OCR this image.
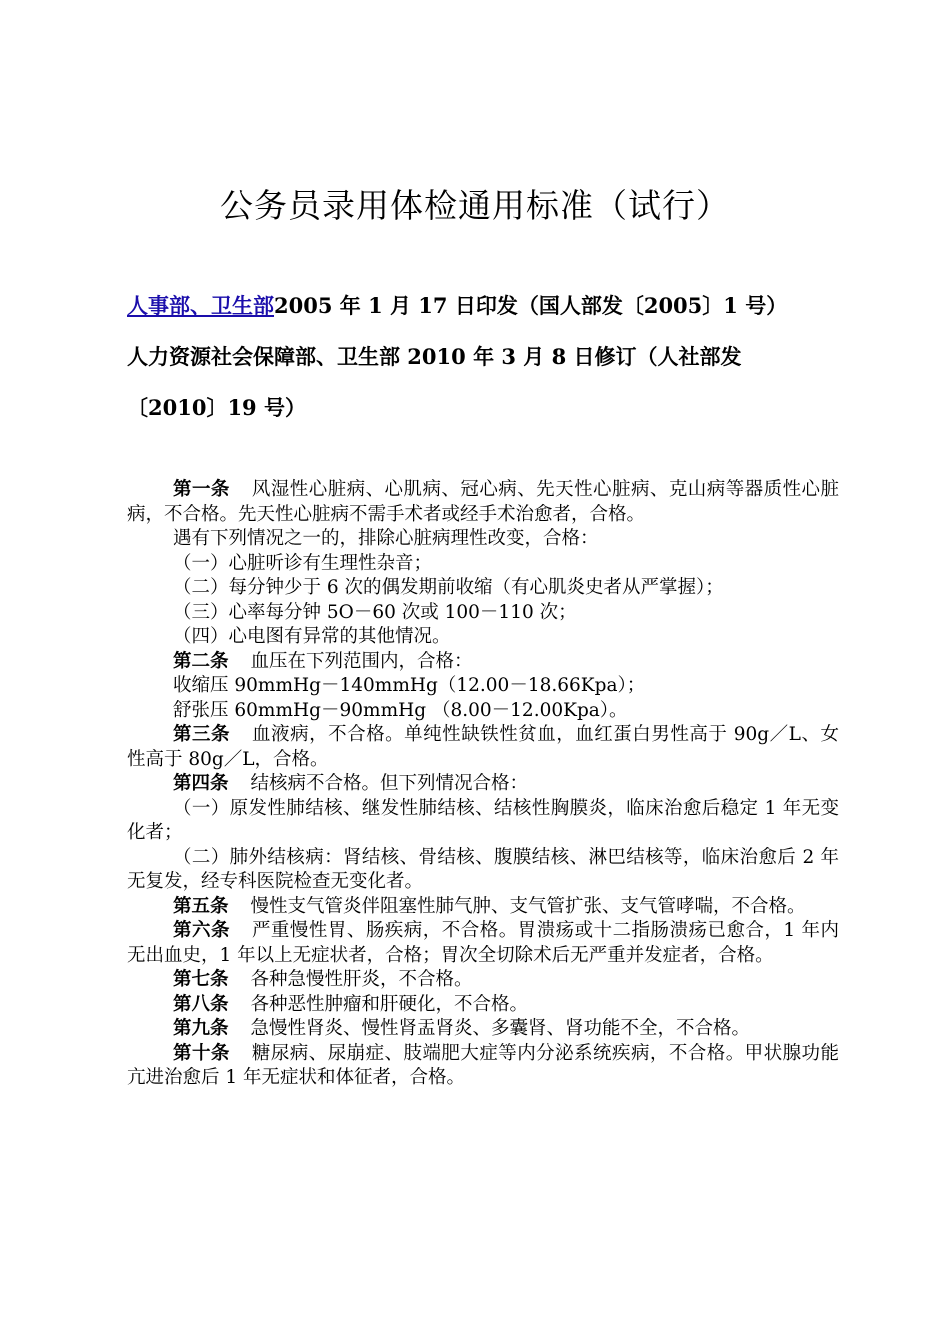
公务员录用体检通用标准（试行）
人事部、卫生部2005 年 1 月 17 日印发（国人部发〔2005〕1 号）
人力资源社会保障部、卫生部 2010 年 3 月 8 日修订（人社部发
〔2010〕19 号）

第一条 风湿性心脏病、心肌病、冠心病、先天性心脏病、克山病等器质性心脏病，不合格。先天性心脏病不需手术者或经手术治愈者，合格。

遇有下列情况之一的，排除心脏病理性改变，合格：

（一）心脏听诊有生理性杂音；

（二）每分钟少于 6 次的偶发期前收缩（有心肌炎史者从严掌握）；

（三）心率每分钟 5O－60 次或 100－110 次；

（四）心电图有异常的其他情况。

第二条 血压在下列范围内，合格：

收缩压 90mmHg－140mmHg（12.00－18.66Kpa）；

舒张压 60mmHg－90mmHg （8.00－12.00Kpa）。

第三条 血液病，不合格。单纯性缺铁性贫血，血红蛋白男性高于 90g／L、女性高于 80g／L，合格。

第四条 结核病不合格。但下列情况合格：

（一）原发性肺结核、继发性肺结核、结核性胸膜炎，临床治愈后稳定 1 年无变化者；

（二）肺外结核病：肾结核、骨结核、腹膜结核、淋巴结核等，临床治愈后 2 年无复发，经专科医院检查无变化者。

第五条 慢性支气管炎伴阻塞性肺气肿、支气管扩张、支气管哮喘，不合格。

第六条 严重慢性胃、肠疾病，不合格。胃溃疡或十二指肠溃疡已愈合，1 年内无出血史，1 年以上无症状者，合格；胃次全切除术后无严重并发症者，合格。

第七条 各种急慢性肝炎，不合格。

第八条 各种恶性肿瘤和肝硬化，不合格。

第九条 急慢性肾炎、慢性肾盂肾炎、多囊肾、肾功能不全，不合格。

第十条 糖尿病、尿崩症、肢端肥大症等内分泌系统疾病，不合格。甲状腺功能亢进治愈后 1 年无症状和体征者，合格。
